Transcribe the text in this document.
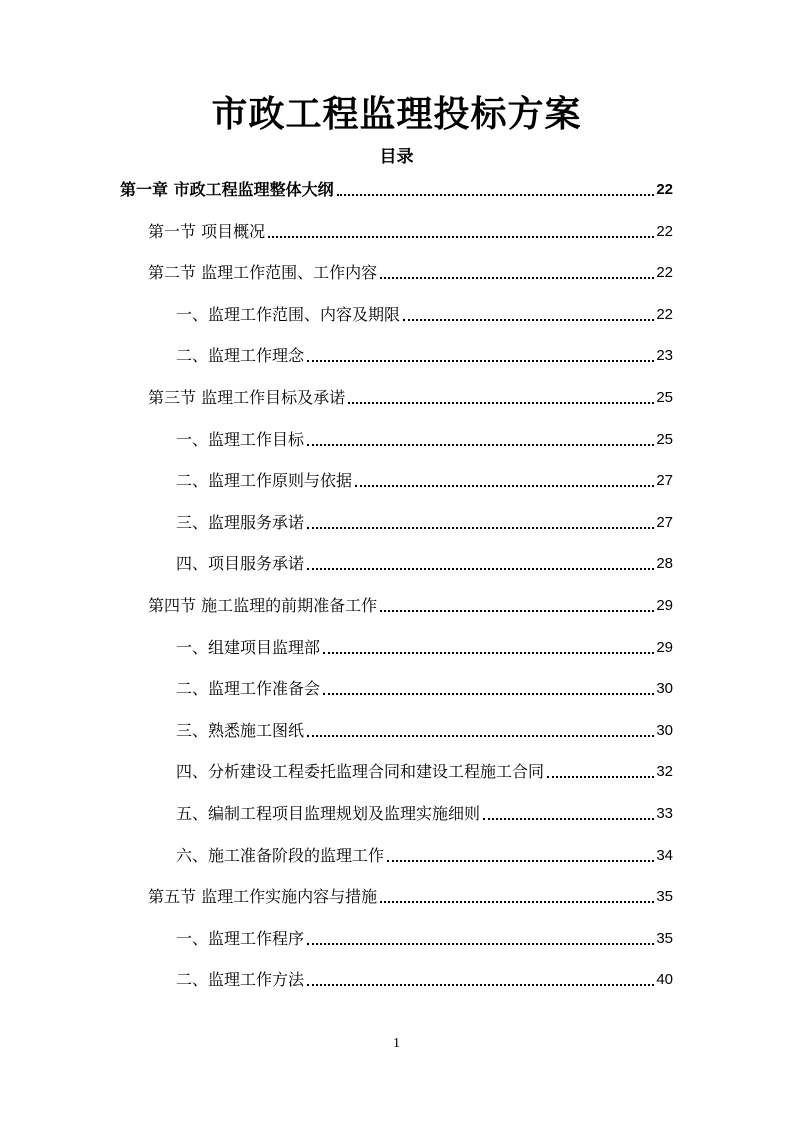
市政工程监理投标方案
目录
第一章 市政工程监理整体大纲	22
第一节 项目概况	22
第二节 监理工作范围、工作内容	22
一、监理工作范围、内容及期限	22
二、监理工作理念	23
第三节 监理工作目标及承诺	25
一、监理工作目标	25
二、监理工作原则与依据	27
三、监理服务承诺	27
四、项目服务承诺	28
第四节 施工监理的前期准备工作	29
一、组建项目监理部	29
二、监理工作准备会	30
三、熟悉施工图纸	30
四、分析建设工程委托监理合同和建设工程施工合同	32
五、编制工程项目监理规划及监理实施细则	33
六、施工准备阶段的监理工作	34
第五节 监理工作实施内容与措施	35
一、监理工作程序	35
二、监理工作方法	40
1
